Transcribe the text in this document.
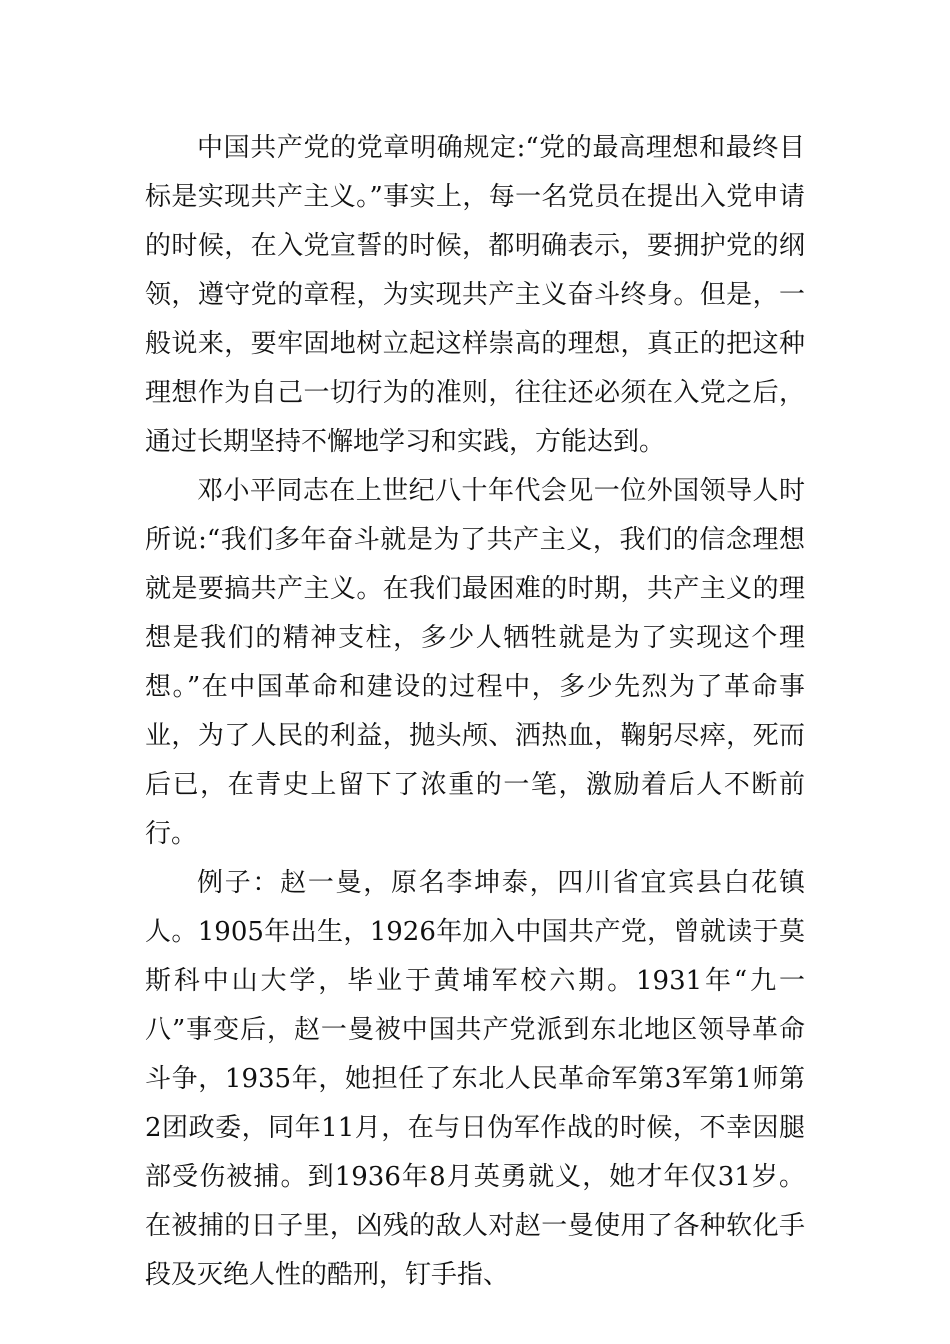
中国共产党的党章明确规定:“党的最高理想和最终目标是实现共产主义。”事实上，每一名党员在提出入党申请的时候，在入党宣誓的时候，都明确表示，要拥护党的纲领，遵守党的章程，为实现共产主义奋斗终身。但是，一般说来，要牢固地树立起这样崇高的理想，真正的把这种理想作为自己一切行为的准则，往往还必须在入党之后，通过长期坚持不懈地学习和实践，方能达到。

邓小平同志在上世纪八十年代会见一位外国领导人时所说:“我们多年奋斗就是为了共产主义，我们的信念理想就是要搞共产主义。在我们最困难的时期，共产主义的理想是我们的精神支柱，多少人牺牲就是为了实现这个理想。”在中国革命和建设的过程中，多少先烈为了革命事业，为了人民的利益，抛头颅、洒热血，鞠躬尽瘁，死而后已，在青史上留下了浓重的一笔，激励着后人不断前行。

例子：赵一曼，原名李坤泰，四川省宜宾县白花镇人。1905年出生，1926年加入中国共产党，曾就读于莫斯科中山大学，毕业于黄埔军校六期。1931年“九一八”事变后，赵一曼被中国共产党派到东北地区领导革命斗争，1935年，她担任了东北人民革命军第3军第1师第2团政委，同年11月，在与日伪军作战的时候，不幸因腿部受伤被捕。到1936年8月英勇就义，她才年仅31岁。在被捕的日子里，凶残的敌人对赵一曼使用了各种软化手段及灭绝人性的酷刑，钉手指、
